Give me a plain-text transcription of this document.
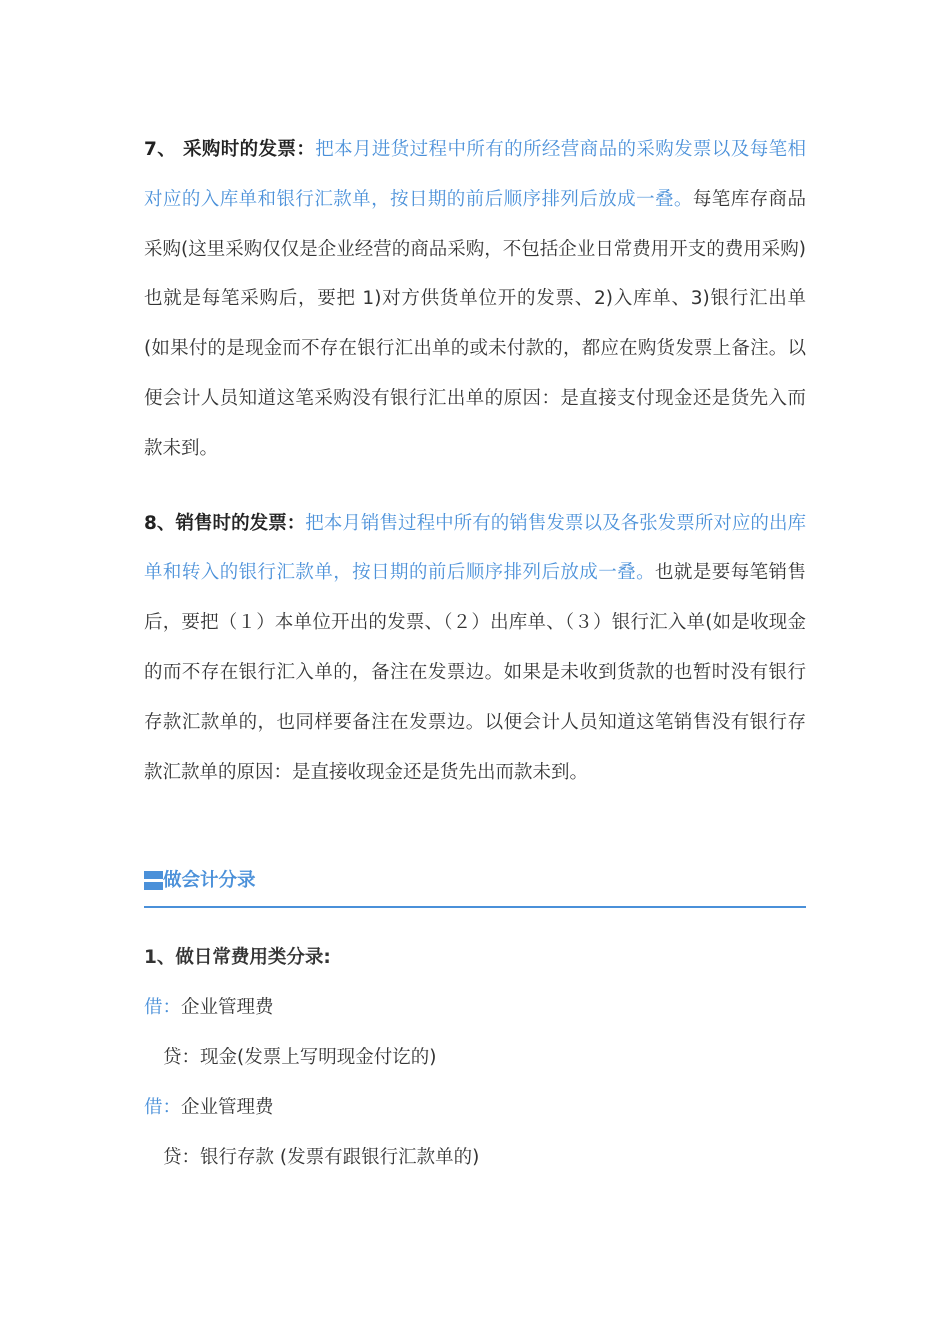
7、 采购时的发票：把本月进货过程中所有的所经营商品的采购发票以及每笔相对应的入库单和银行汇款单，按日期的前后顺序排列后放成一叠。每笔库存商品采购(这里采购仅仅是企业经营的商品采购，不包括企业日常费用开支的费用采购)也就是每笔采购后，要把 1)对方供货单位开的发票、2)入库单、3)银行汇出单(如果付的是现金而不存在银行汇出单的或未付款的，都应在购货发票上备注。以便会计人员知道这笔采购没有银行汇出单的原因：是直接支付现金还是货先入而款未到。

8、销售时的发票：把本月销售过程中所有的销售发票以及各张发票所对应的出库单和转入的银行汇款单，按日期的前后顺序排列后放成一叠。也就是要每笔销售后，要把（１）本单位开出的发票、（２）出库单、（３）银行汇入单(如是收现金的而不存在银行汇入单的，备注在发票边。如果是未收到货款的也暂时没有银行存款汇款单的，也同样要备注在发票边。以便会计人员知道这笔销售没有银行存款汇款单的原因：是直接收现金还是货先出而款未到。

做会计分录
1、做日常费用类分录:
借：企业管理费
贷：现金(发票上写明现金付讫的)
借：企业管理费
贷：银行存款 (发票有跟银行汇款单的)
